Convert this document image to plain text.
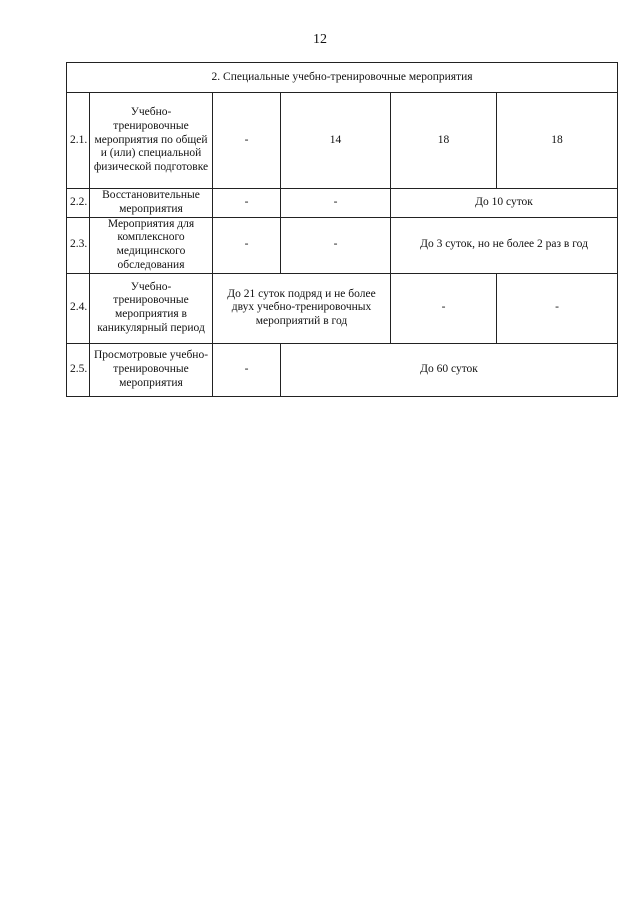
12
2. Специальные учебно-тренировочные мероприятия					
2.1.	Учебно-тренировочные мероприятия по общей и (или) специальной физической подготовке	-	14	18	18
2.2.	Восстановительные мероприятия	-	-	До 10 суток	
2.3.	Мероприятия для комплексного медицинского обследования	-	-	До 3 суток, но не более 2 раз в год	
2.4.	Учебно-тренировочные мероприятия в каникулярный период	До 21 суток подряд и не более двух учебно-тренировочных мероприятий в год		-	-
2.5.	Просмотровые учебно-тренировочные мероприятия	-	До 60 суток		
